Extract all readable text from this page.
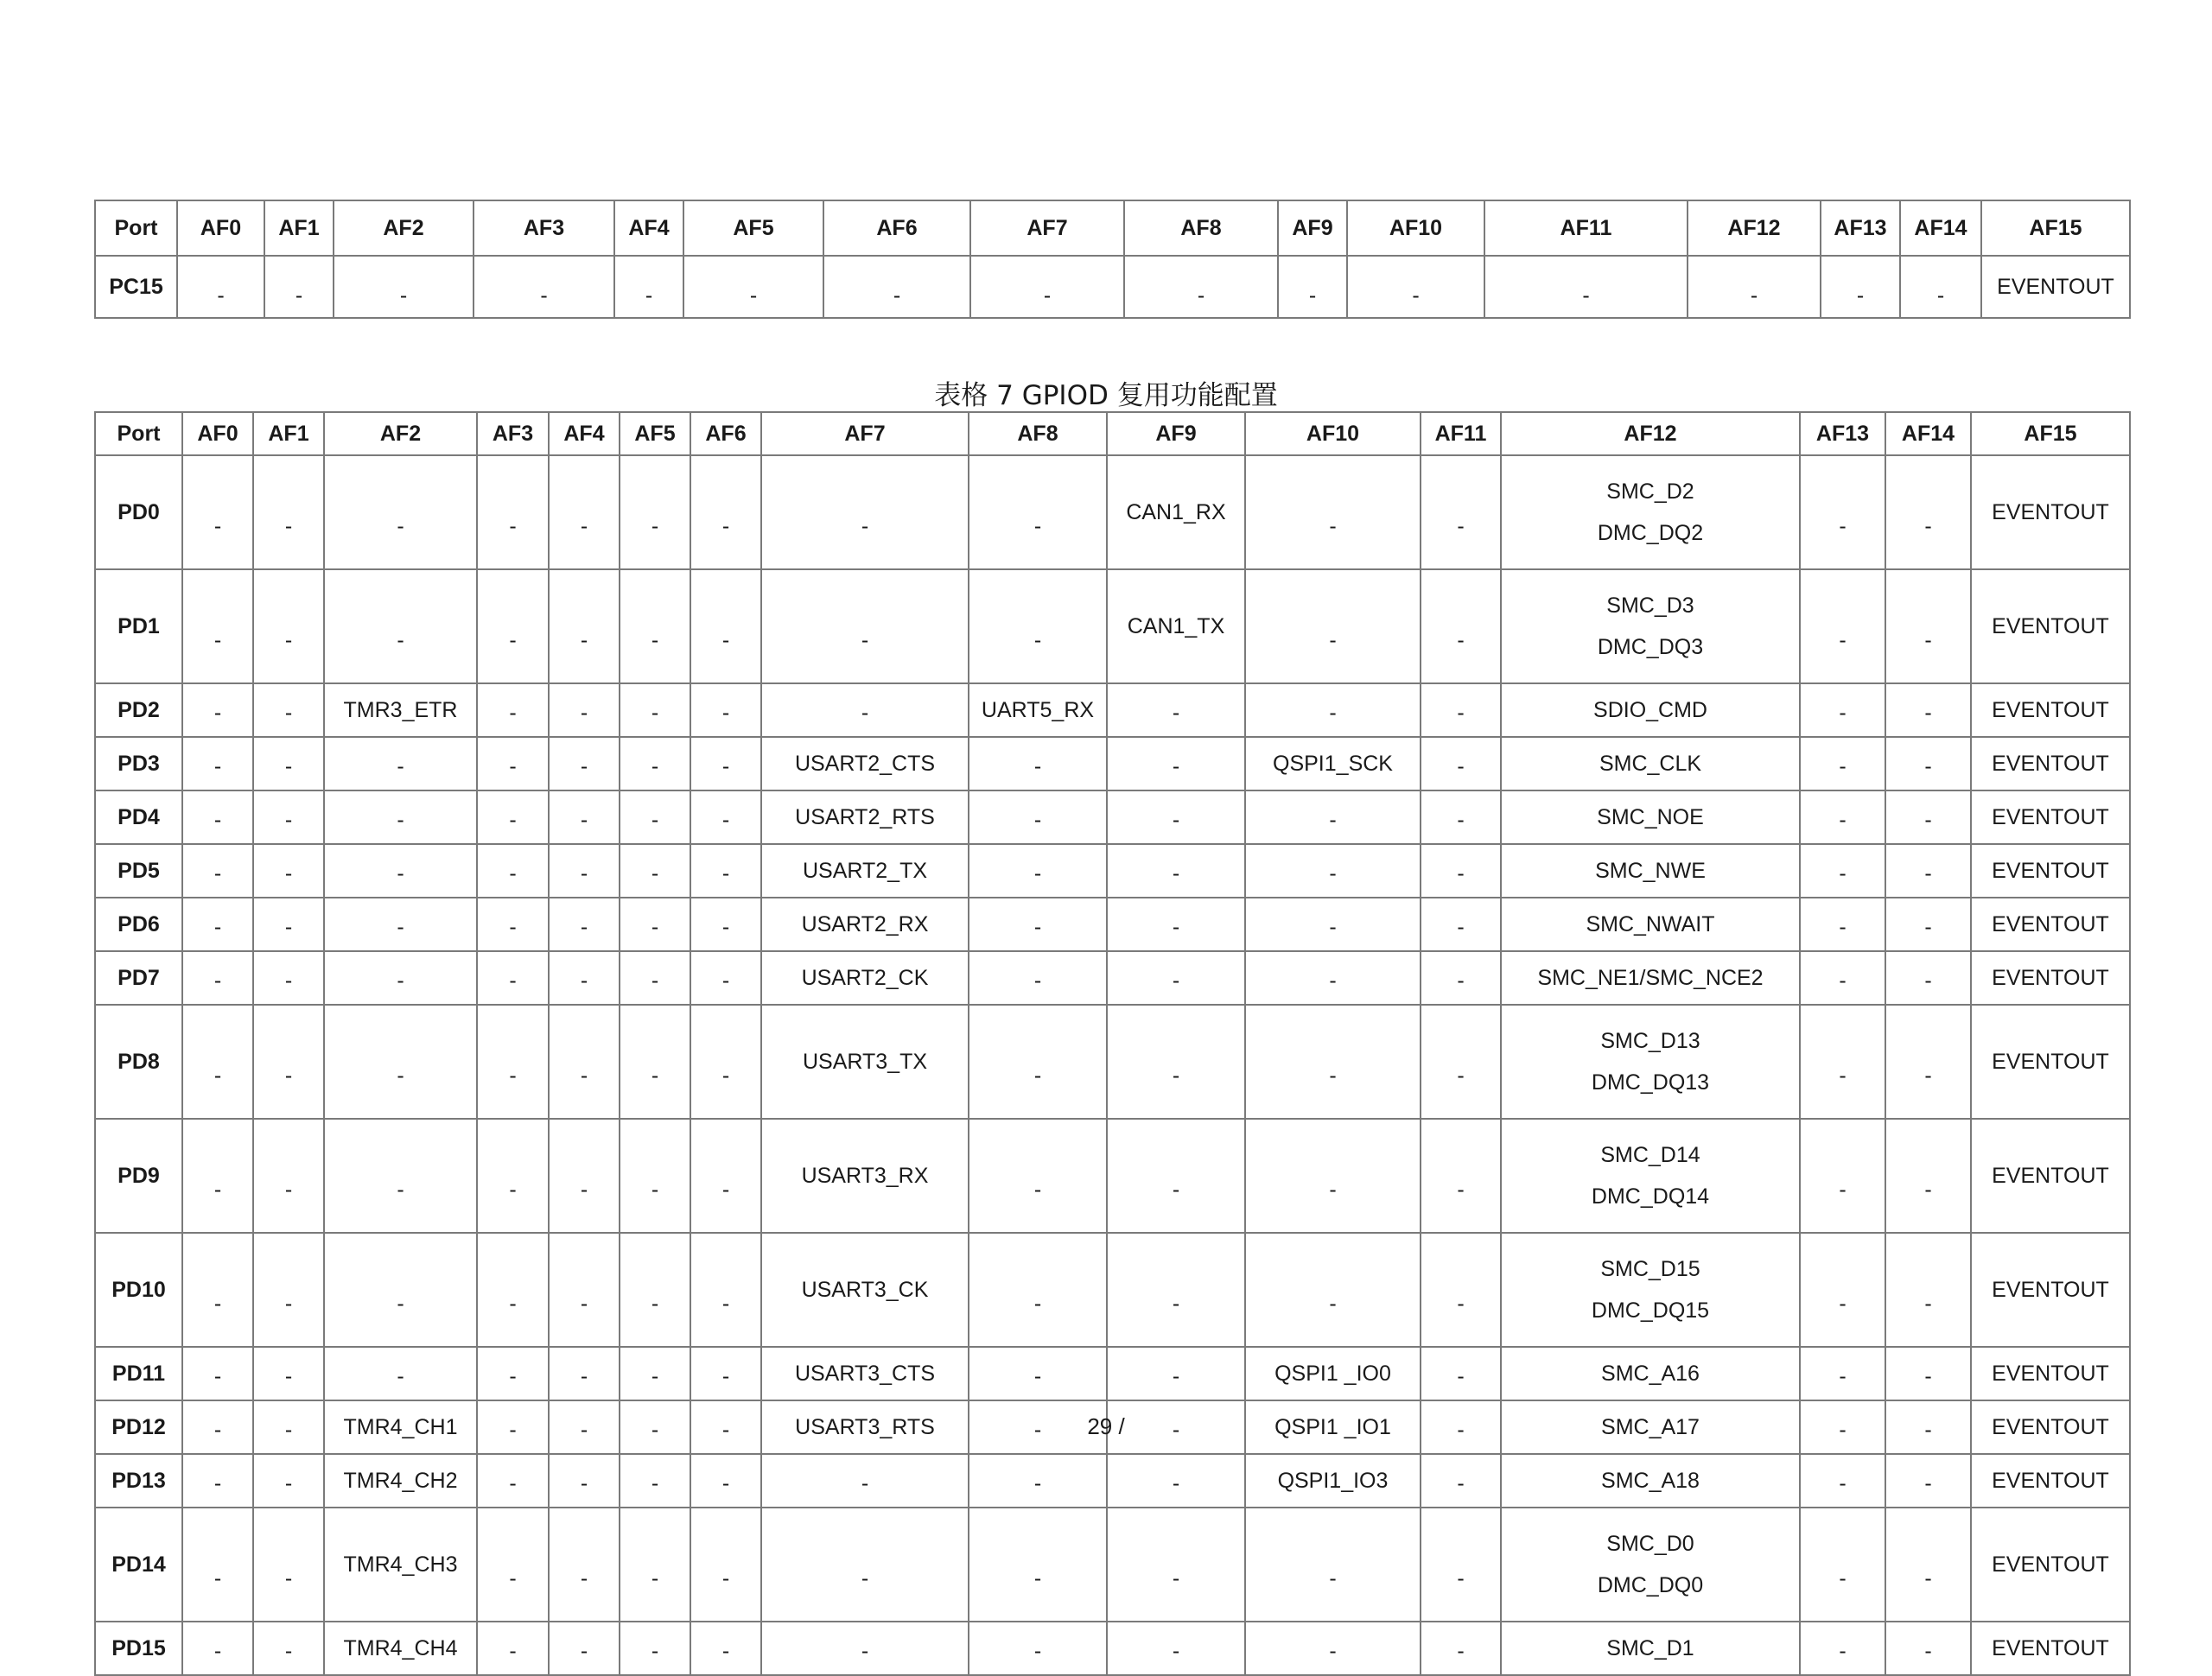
Port	AF0	AF1	AF2	AF3	AF4	AF5	AF6	AF7	AF8	AF9	AF10	AF11	AF12	AF13	AF14	AF15
PC15	-	-	-	-	-	-	-	-	-	-	-	-	-	-	-	EVENTOUT
表格 7 GPIOD 复用功能配置
Port	AF0	AF1	AF2	AF3	AF4	AF5	AF6	AF7	AF8	AF9	AF10	AF11	AF12	AF13	AF14	AF15
PD0	-	-	-	-	-	-	-	-	-	CAN1_RX	-	-	SMC_D2
DMC_DQ2	-	-	EVENTOUT
PD1	-	-	-	-	-	-	-	-	-	CAN1_TX	-	-	SMC_D3
DMC_DQ3	-	-	EVENTOUT
PD2	-	-	TMR3_ETR	-	-	-	-	-	UART5_RX	-	-	-	SDIO_CMD	-	-	EVENTOUT
PD3	-	-	-	-	-	-	-	USART2_CTS	-	-	QSPI1_SCK	-	SMC_CLK	-	-	EVENTOUT
PD4	-	-	-	-	-	-	-	USART2_RTS	-	-	-	-	SMC_NOE	-	-	EVENTOUT
PD5	-	-	-	-	-	-	-	USART2_TX	-	-	-	-	SMC_NWE	-	-	EVENTOUT
PD6	-	-	-	-	-	-	-	USART2_RX	-	-	-	-	SMC_NWAIT	-	-	EVENTOUT
PD7	-	-	-	-	-	-	-	USART2_CK	-	-	-	-	SMC_NE1/SMC_NCE2	-	-	EVENTOUT
PD8	-	-	-	-	-	-	-	USART3_TX	-	-	-	-	SMC_D13
DMC_DQ13	-	-	EVENTOUT
PD9	-	-	-	-	-	-	-	USART3_RX	-	-	-	-	SMC_D14
DMC_DQ14	-	-	EVENTOUT
PD10	-	-	-	-	-	-	-	USART3_CK	-	-	-	-	SMC_D15
DMC_DQ15	-	-	EVENTOUT
PD11	-	-	-	-	-	-	-	USART3_CTS	-	-	QSPI1 _IO0	-	SMC_A16	-	-	EVENTOUT
PD12	-	-	TMR4_CH1	-	-	-	-	USART3_RTS	-	-	QSPI1 _IO1	-	SMC_A17	-	-	EVENTOUT
PD13	-	-	TMR4_CH2	-	-	-	-	-	-	-	QSPI1_IO3	-	SMC_A18	-	-	EVENTOUT
PD14	-	-	TMR4_CH3	-	-	-	-	-	-	-	-	-	SMC_D0
DMC_DQ0	-	-	EVENTOUT
PD15	-	-	TMR4_CH4	-	-	-	-	-	-	-	-	-	SMC_D1	-	-	EVENTOUT
29 /
